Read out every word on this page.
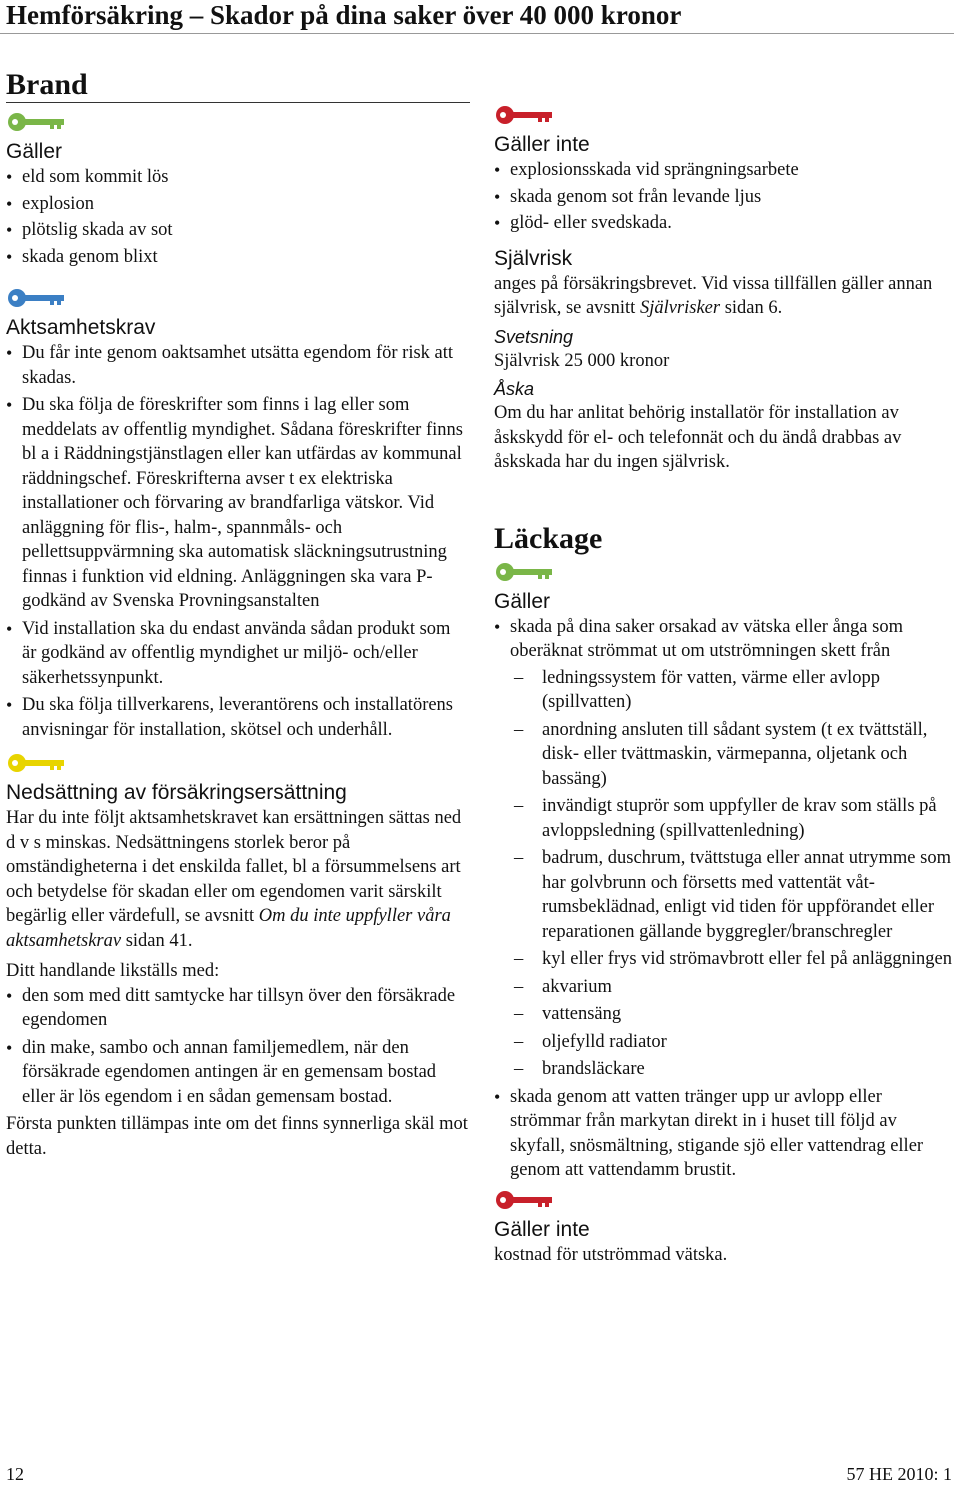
Hemförsäkring – Skador på dina saker över 40 000 kronor
Brand
Gäller
• eld som kommit lös
• explosion
• plötslig skada av sot
• skada genom blixt
Aktsamhetskrav
• Du får inte genom oaktsamhet utsätta egendom för risk att skadas.
• Du ska följa de föreskrifter som finns i lag eller som meddelats av offentlig myndighet. Sådana föreskrifter finns bl a i Räddningstjänstlagen eller kan utfärdas av kommunal räddningschef. Föreskrifterna avser t ex elektriska installationer och förvaring av brandfarliga vätskor. Vid anläggning för flis-, halm-, spannmåls- och pellettsuppvärmning ska automatisk släckningsutrustning finnas i funktion vid eldning. Anläggningen ska vara P-godkänd av Svenska Provningsanstalten
• Vid installation ska du endast använda sådan produkt som är godkänd av offentlig myndighet ur miljö- och/eller säkerhetssynpunkt.
• Du ska följa tillverkarens, leverantörens och installatörens anvisningar för installation, skötsel och underhåll.
Nedsättning av försäkringsersättning

Har du inte följt aktsamhetskravet kan ersättningen sättas ned d v s minskas. Nedsättningens storlek beror på omständigheterna i det enskilda fallet, bl a försummelsens art och betydelse för skadan eller om egendomen varit särskilt begärlig eller värdefull, se avsnitt Om du inte uppfyller våra aktsamhetskrav sidan 41.

Ditt handlande likställs med:

• den som med ditt samtycke har tillsyn över den försäkrade egendomen
• din make, sambo och annan familjemedlem, när den försäkrade egendomen antingen är en gemensam bostad eller är lös egendom i en sådan gemensam bostad.

Första punkten tillämpas inte om det finns synnerliga skäl mot detta.

Gäller inte
• explosionsskada vid sprängningsarbete
• skada genom sot från levande ljus
• glöd- eller svedskada.
Självrisk

anges på försäkringsbrevet. Vid vissa tillfällen gäller annan självrisk, se avsnitt Självrisker sidan 6.

Svetsning

Självrisk 25 000 kronor

Åska

Om du har anlitat behörig installatör för installation av åskskydd för el- och telefonnät och du ändå drabbas av åskskada har du ingen självrisk.

Läckage
Gäller
• skada på dina saker orsakad av vätska eller ånga som oberäknat strömmat ut om utströmningen skett från
– ledningssystem för vatten, värme eller avlopp (spillvatten)
– anordning ansluten till sådant system (t ex tvättställ, disk- eller tvättmaskin, värmepanna, oljetank och bassäng)
– invändigt stuprör som uppfyller de krav som ställs på avloppsledning (spillvattenledning)
– badrum, duschrum, tvättstuga eller annat utrymme som har golvbrunn och försetts med vattentät våtrumsbeklädnad, enligt vid tiden för uppförandet eller reparationen gällande byggregler/branschregler
– kyl eller frys vid strömavbrott eller fel på anläggningen
– akvarium
– vattensäng
– oljefylld radiator
– brandsläckare
• skada genom att vatten tränger upp ur avlopp eller strömmar från markytan direkt in i huset till följd av skyfall, snösmältning, stigande sjö eller vattendrag eller genom att vattendamm brustit.
Gäller inte

kostnad för utströmmad vätska.

12	57 HE 2010: 1
